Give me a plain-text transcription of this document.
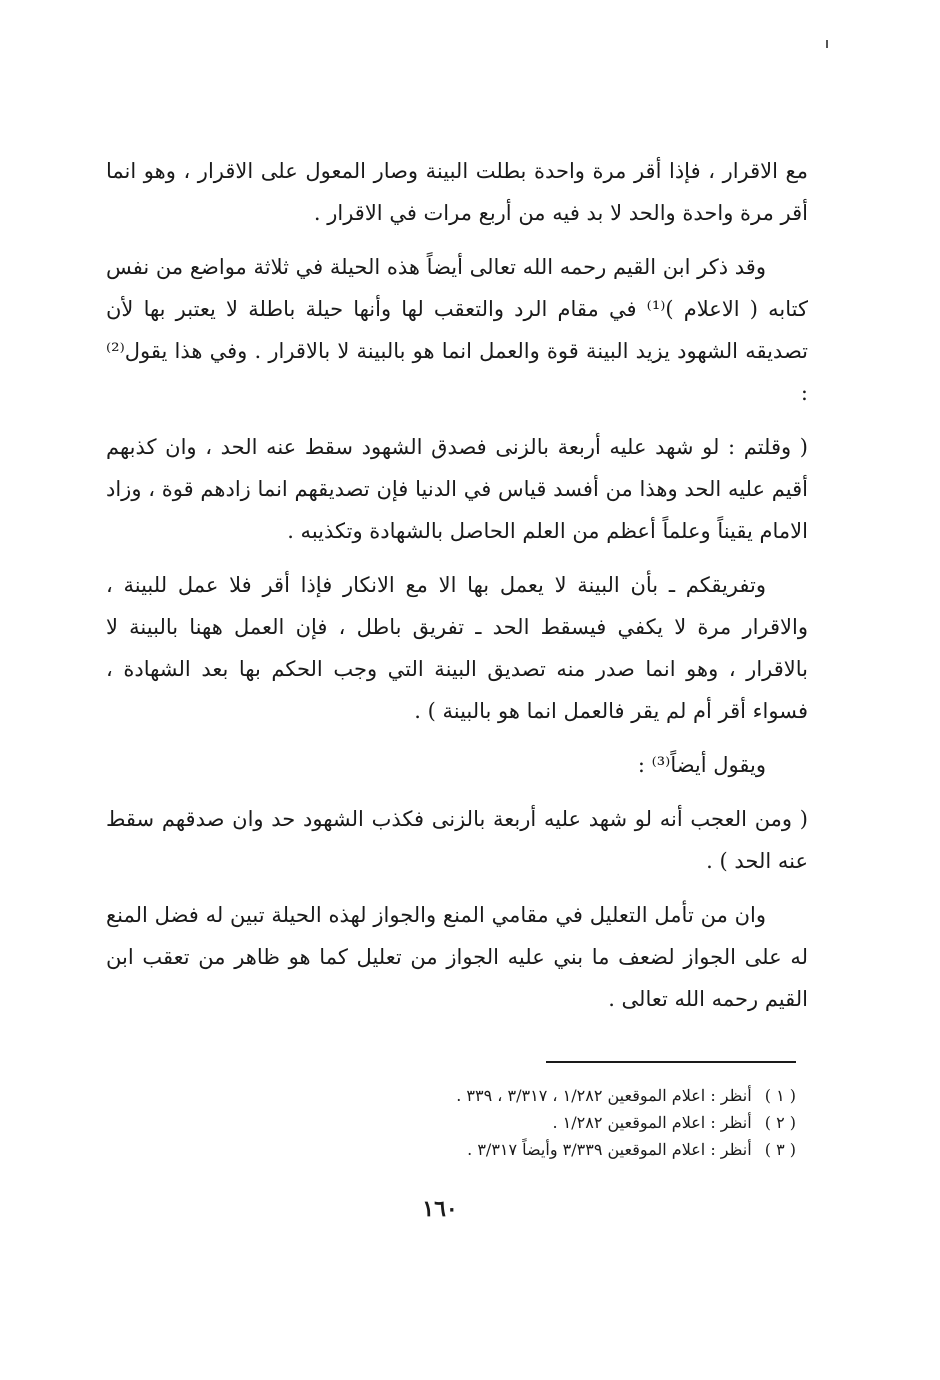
مع الاقرار ، فإذا أقر مرة واحدة بطلت البينة وصار المعول على الاقرار ، وهو انما أقر مرة واحدة والحد لا بد فيه من أربع مرات في الاقرار .

وقد ذكر ابن القيم رحمه الله تعالى أيضاً هذه الحيلة في ثلاثة مواضع من نفس كتابه ( الاعلام )⁽¹⁾ في مقام الرد والتعقب لها وأنها حيلة باطلة لا يعتبر بها لأن تصديقه الشهود يزيد البينة قوة والعمل انما هو بالبينة لا بالاقرار . وفي هذا يقول⁽²⁾ :

( وقلتم : لو شهد عليه أربعة بالزنى فصدق الشهود سقط عنه الحد ، وان كذبهم أقيم عليه الحد وهذا من أفسد قياس في الدنيا فإن تصديقهم انما زادهم قوة ، وزاد الامام يقيناً وعلماً أعظم من العلم الحاصل بالشهادة وتكذيبه .

وتفريقكم ـ بأن البينة لا يعمل بها الا مع الانكار فإذا أقر فلا عمل للبينة ، والاقرار مرة لا يكفي فيسقط الحد ـ تفريق باطل ، فإن العمل ههنا بالبينة لا بالاقرار ، وهو انما صدر منه تصديق البينة التي وجب الحكم بها بعد الشهادة ، فسواء أقر أم لم يقر فالعمل انما هو بالبينة ) .

ويقول أيضاً⁽³⁾ :

( ومن العجب أنه لو شهد عليه أربعة بالزنى فكذب الشهود حد وان صدقهم سقط عنه الحد ) .

وان من تأمل التعليل في مقامي المنع والجواز لهذه الحيلة تبين له فضل المنع له على الجواز لضعف ما بني عليه الجواز من تعليل كما هو ظاهر من تعقب ابن القيم رحمه الله تعالى .

( ١ ) أنظر : اعلام الموقعين ١/٢٨٢ ، ٣/٣١٧ ، ٣٣٩ .
( ٢ ) أنظر : اعلام الموقعين ١/٢٨٢ .
( ٣ ) أنظر : اعلام الموقعين ٣/٣٣٩ وأيضاً ٣/٣١٧ .
١٦٠
